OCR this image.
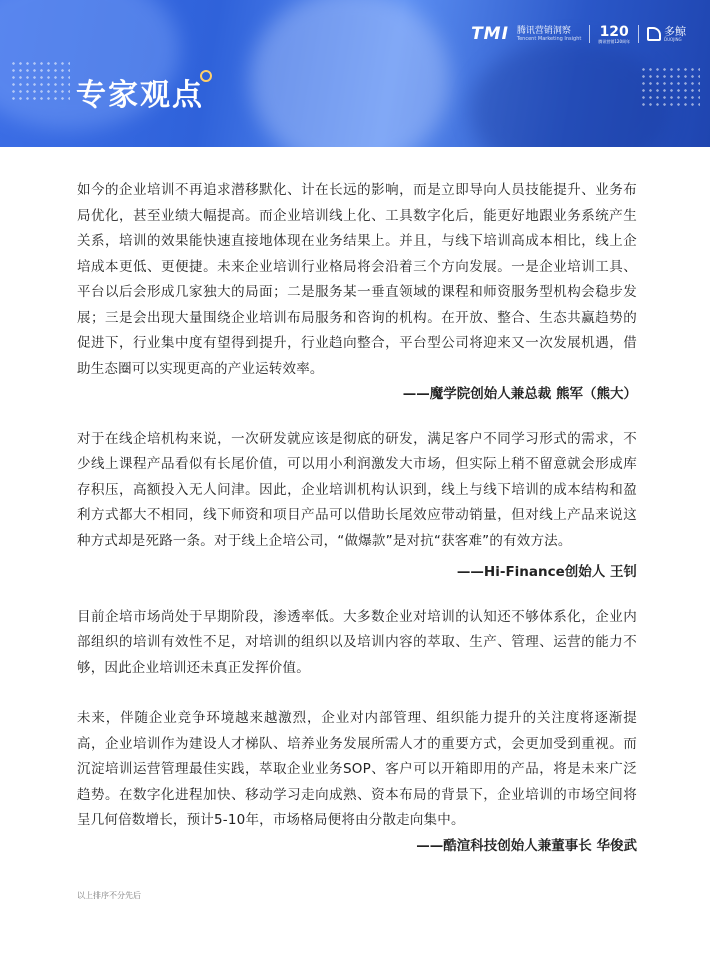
专家观点
TMI 腾讯营销洞察
Tencent Marketing Insight 120
腾讯营销120周年
多鲸
DUOJING

如今的企业培训不再追求潜移默化、计在长远的影响，而是立即导向人员技能提升、业务布局优化，甚至业绩大幅提高。而企业培训线上化、工具数字化后，能更好地跟业务系统产生关系，培训的效果能快速直接地体现在业务结果上。并且，与线下培训高成本相比，线上企培成本更低、更便捷。未来企业培训行业格局将会沿着三个方向发展。一是企业培训工具、平台以后会形成几家独大的局面；二是服务某一垂直领域的课程和师资服务型机构会稳步发展；三是会出现大量围绕企业培训布局服务和咨询的机构。在开放、整合、生态共赢趋势的促进下，行业集中度有望得到提升，行业趋向整合，平台型公司将迎来又一次发展机遇，借助生态圈可以实现更高的产业运转效率。

——魔学院创始人兼总裁 熊军（熊大）

对于在线企培机构来说，一次研发就应该是彻底的研发，满足客户不同学习形式的需求，不少线上课程产品看似有长尾价值，可以用小利润激发大市场，但实际上稍不留意就会形成库存积压，高额投入无人问津。因此，企业培训机构认识到，线上与线下培训的成本结构和盈利方式都大不相同，线下师资和项目产品可以借助长尾效应带动销量，但对线上产品来说这种方式却是死路一条。对于线上企培公司，“做爆款”是对抗“获客难”的有效方法。

——Hi-Finance创始人 王钊

目前企培市场尚处于早期阶段，渗透率低。大多数企业对培训的认知还不够体系化，企业内部组织的培训有效性不足，对培训的组织以及培训内容的萃取、生产、管理、运营的能力不够，因此企业培训还未真正发挥价值。

未来，伴随企业竞争环境越来越激烈，企业对内部管理、组织能力提升的关注度将逐渐提高，企业培训作为建设人才梯队、培养业务发展所需人才的重要方式，会更加受到重视。而沉淀培训运营管理最佳实践，萃取企业业务SOP、客户可以开箱即用的产品，将是未来广泛趋势。在数字化进程加快、移动学习走向成熟、资本布局的背景下，企业培训的市场空间将呈几何倍数增长，预计5-10年，市场格局便将由分散走向集中。

——酷渲科技创始人兼董事长 华俊武

以上排序不分先后
